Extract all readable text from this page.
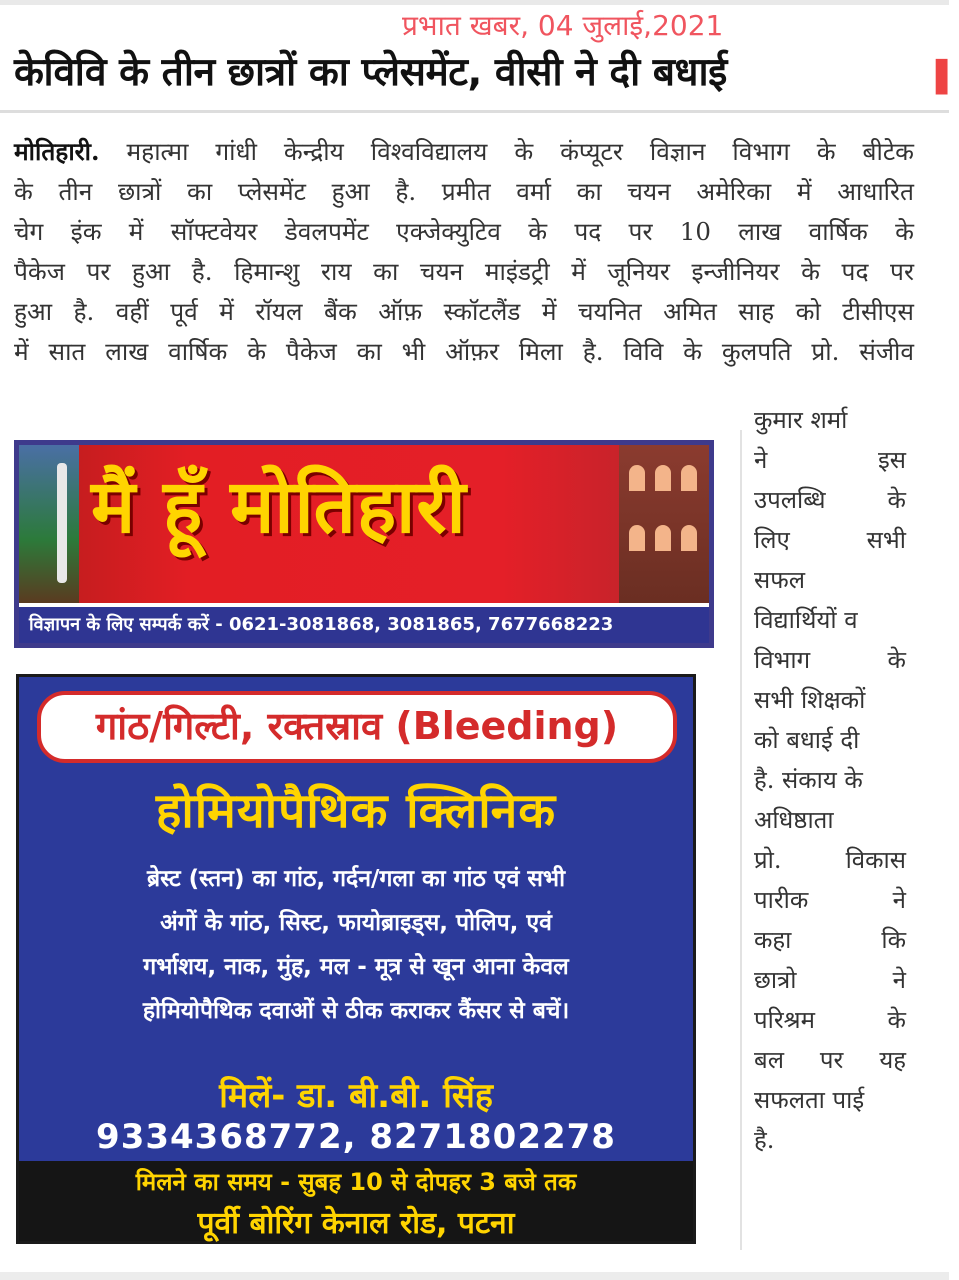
प्रभात खबर, 04 जुलाई,2021
केविवि के तीन छात्रों का प्लेसमेंट, वीसी ने दी बधाई	▌
मोतिहारी. महात्मा गांधी केन्द्रीय विश्वविद्यालय के कंप्यूटर विज्ञान विभाग के बीटेक
के तीन छात्रों का प्लेसमेंट हुआ है. प्रमीत वर्मा का चयन अमेरिका में आधारित
चेग इंक में सॉफ्टवेयर डेवलपमेंट एक्जेक्युटिव के पद पर 10 लाख वार्षिक के
पैकेज पर हुआ है. हिमान्शु राय का चयन माइंडट्री में जूनियर इन्जीनियर के पद पर
हुआ है. वहीं पूर्व में रॉयल बैंक ऑफ़ स्कॉटलैंड में चयनित अमित साह को टीसीएस
में सात लाख वार्षिक के पैकेज का भी ऑफ़र मिला है. विवि के कुलपति प्रो. संजीव
कुमार शर्मा
ने इस
उपलब्धि के
लिए सभी
सफल
विद्यार्थियों व
विभाग के
सभी शिक्षकों
को बधाई दी
है. संकाय के
अधिष्ठाता
प्रो. विकास
पारीक ने
कहा कि
छात्रो ने
परिश्रम के
बल पर यह
सफलता पाई
है.
मैं हूँ मोतिहारी
विज्ञापन के लिए सम्पर्क करें - 0621-3081868, 3081865, 7677668223
गांठ/गिल्टी, रक्तस्राव (Bleeding)
होमियोपैथिक क्लिनिक
ब्रेस्ट (स्तन) का गांठ, गर्दन/गला का गांठ एवं सभी
अंगों के गांठ, सिस्ट, फायोब्राइड्स, पोलिप, एवं
गर्भाशय, नाक, मुंह, मल - मूत्र से खून आना केवल
होमियोपैथिक दवाओं से ठीक कराकर कैंसर से बचें।
मिलें- डा. बी.बी. सिंह
9334368772, 8271802278
मिलने का समय - सुबह 10 से दोपहर 3 बजे तक
पूर्वी बोरिंग केनाल रोड, पटना
